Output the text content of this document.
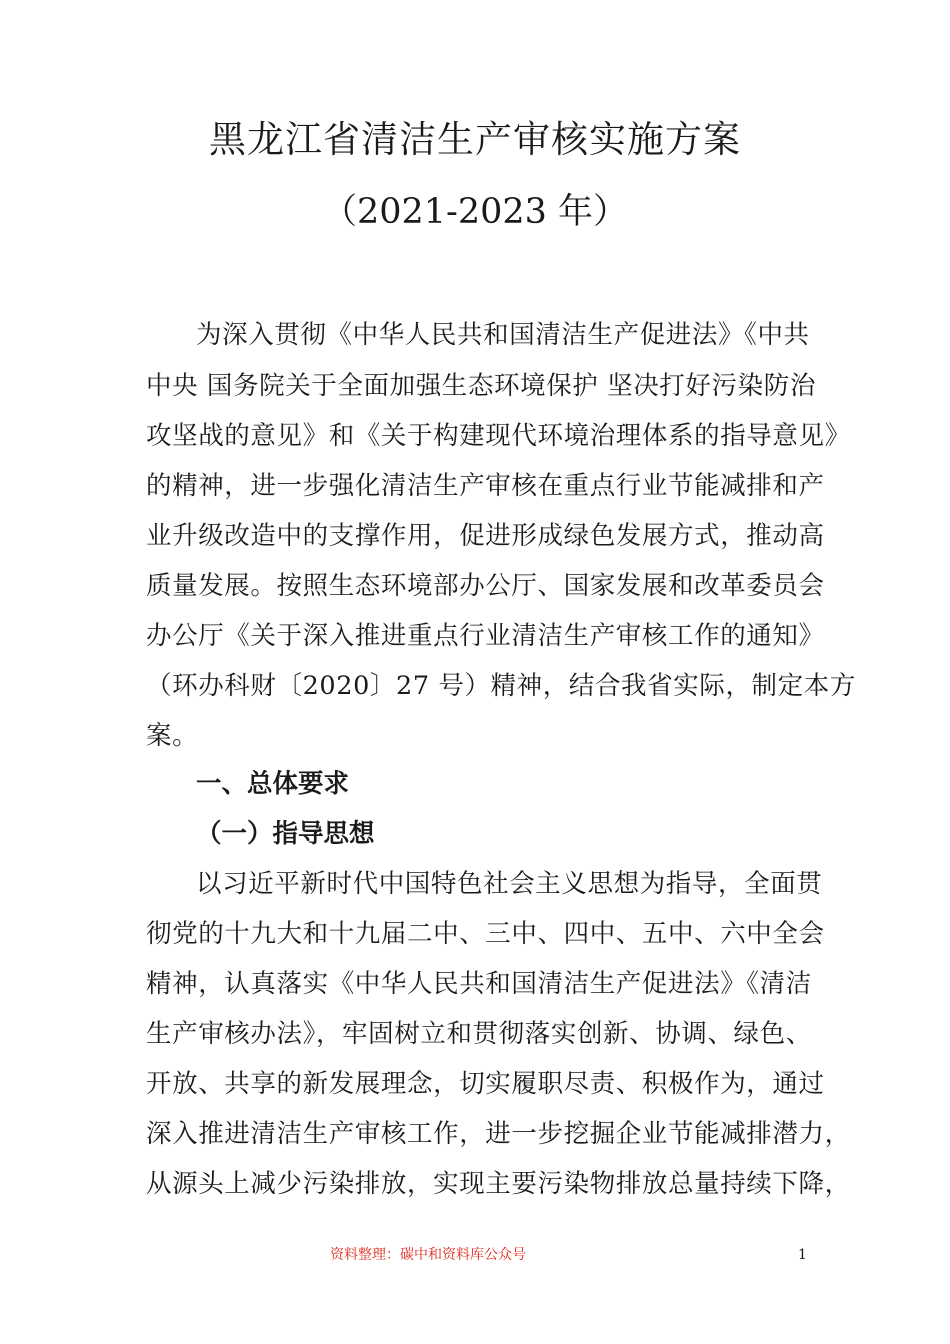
黑龙江省清洁生产审核实施方案
（2021-2023 年）
为深入贯彻《中华人民共和国清洁生产促进法》《中共
中央 国务院关于全面加强生态环境保护 坚决打好污染防治
攻坚战的意见》和《关于构建现代环境治理体系的指导意见》
的精神，进一步强化清洁生产审核在重点行业节能减排和产
业升级改造中的支撑作用，促进形成绿色发展方式，推动高
质量发展。按照生态环境部办公厅、国家发展和改革委员会
办公厅《关于深入推进重点行业清洁生产审核工作的通知》
（环办科财〔2020〕27 号）精神，结合我省实际，制定本方
案。
一、总体要求
（一）指导思想
以习近平新时代中国特色社会主义思想为指导，全面贯
彻党的十九大和十九届二中、三中、四中、五中、六中全会
精神，认真落实《中华人民共和国清洁生产促进法》《清洁
生产审核办法》，牢固树立和贯彻落实创新、协调、绿色、
开放、共享的新发展理念，切实履职尽责、积极作为，通过
深入推进清洁生产审核工作，进一步挖掘企业节能减排潜力，
从源头上减少污染排放，实现主要污染物排放总量持续下降，
资料整理：碳中和资料库公众号	1
